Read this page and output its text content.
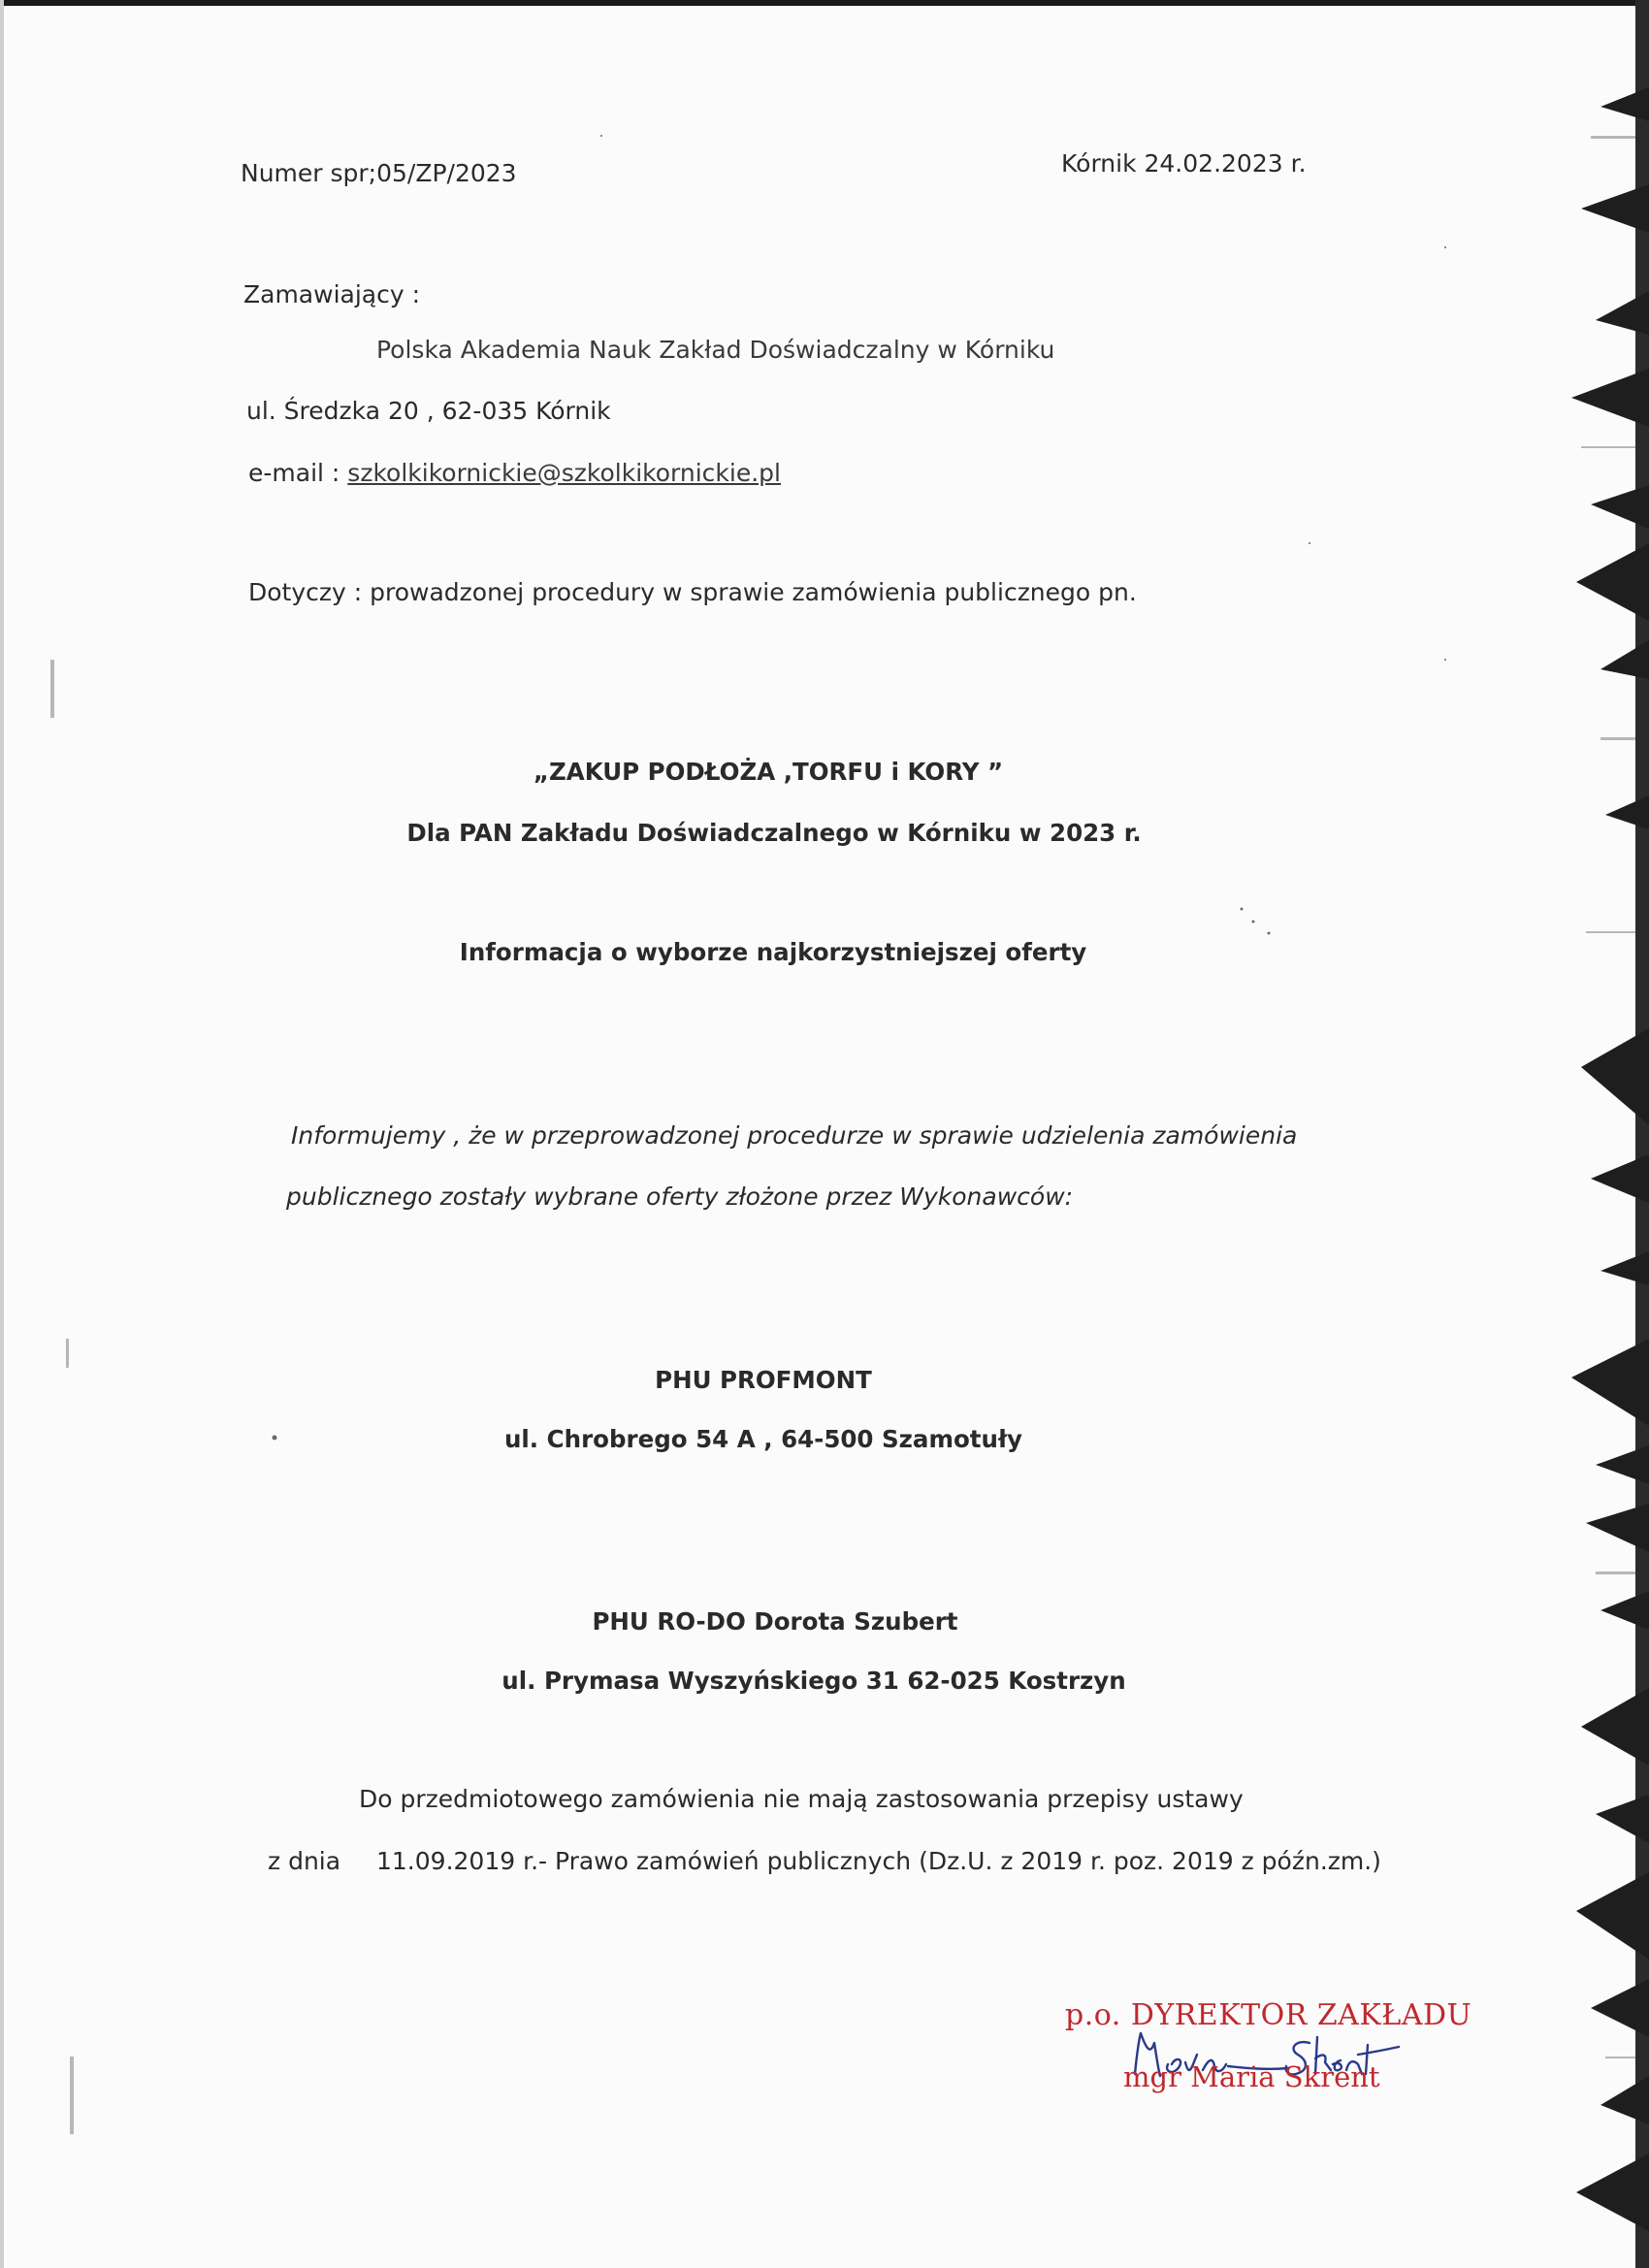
Numer spr;05/ZP/2023	Kórnik 24.02.2023 r.
Zamawiający :
Polska Akademia Nauk Zakład Doświadczalny w Kórniku
ul. Średzka 20 , 62-035 Kórnik
e-mail : szkolkikornickie@szkolkikornickie.pl
Dotyczy : prowadzonej procedury w sprawie zamówienia publicznego pn.
„ZAKUP PODŁOŻA ,TORFU i KORY ”
Dla PAN Zakładu Doświadczalnego w Kórniku w 2023 r.
Informacja o wyborze najkorzystniejszej oferty
Informujemy , że w przeprowadzonej procedurze w sprawie udzielenia zamówienia
publicznego zostały wybrane oferty złożone przez Wykonawców:
PHU PROFMONT
ul. Chrobrego 54 A , 64-500 Szamotuły
PHU RO-DO Dorota Szubert
ul. Prymasa Wyszyńskiego 31 62-025 Kostrzyn
Do przedmiotowego zamówienia nie mają zastosowania przepisy ustawy
z dnia 11.09.2019 r.- Prawo zamówień publicznych (Dz.U. z 2019 r. poz. 2019 z późn.zm.)
p.o. DYREKTOR ZAKŁADU
mgr Maria Skrent
